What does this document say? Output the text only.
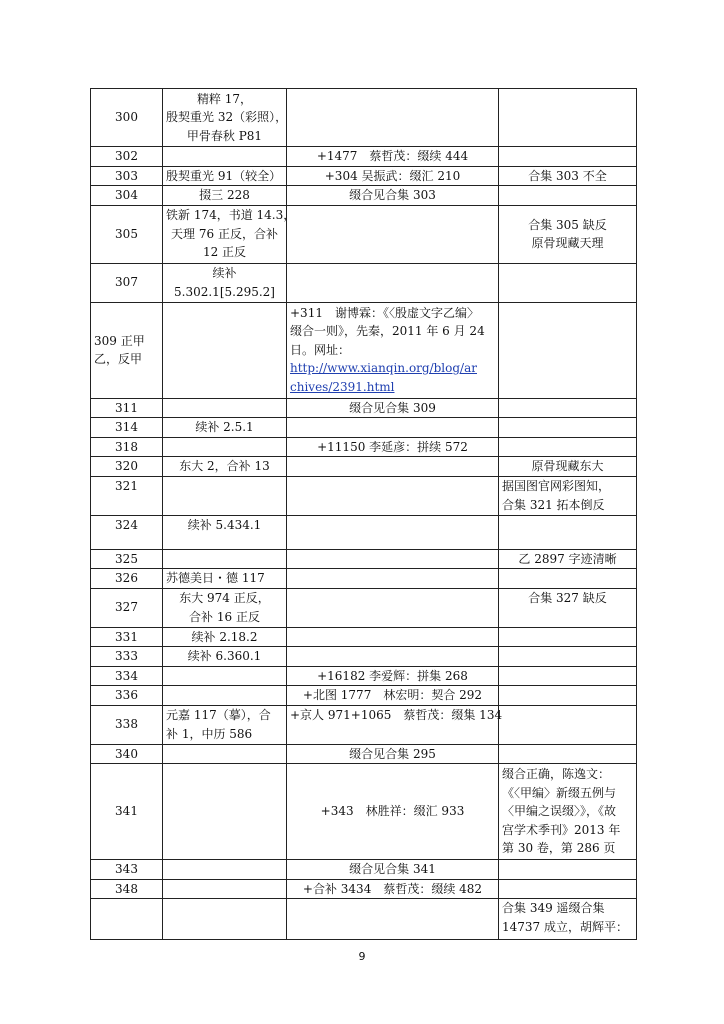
300	精粹 17，
殷契重光 32（彩照），
甲骨春秋 P81		

302		+1477　蔡哲茂：缀续 444	

303	殷契重光 91（较全）	+304 吴振武：缀汇 210	合集 303 不全

304	掇三 228	缀合见合集 303	

305	铁新 174，书道 14.3，
天理 76 正反，合补
12 正反		合集 305 缺反
原骨现藏天理

307	续补
5.302.1[5.295.2]		

309 正甲
乙，反甲		+311　谢博霖：《〈殷虚文字乙编〉
缀合一则》，先秦，2011 年 6 月 24
日。网址：
http://www.xianqin.org/blog/ar
chives/2391.html	

311		缀合见合集 309	

314	续补 2.5.1		

318		+11150 李延彦：拼续 572	

320	东大 2，合补 13		原骨现藏东大

321			据国图官网彩图知，
合集 321 拓本倒反

324	续补 5.434.1		

325			乙 2897 字迹清晰

326	苏德美日・德 117		

327	东大 974 正反，
合补 16 正反		合集 327 缺反

331	续补 2.18.2		

333	续补 6.360.1		

334		+16182 李爱辉：拼集 268	

336		+北图 1777　林宏明：契合 292	

338	元嘉 117（摹），合
补 1，中历 586	+京人 971+1065　蔡哲茂：缀集 134	

340		缀合见合集 295	

341		+343　林胜祥：缀汇 933	缀合正确，陈逸文：
《〈甲编〉新缀五例与
〈甲编之误缀〉》，《故
宫学术季刊》2013 年
第 30 卷，第 286 页

343		缀合见合集 341	

348		+合补 3434　蔡哲茂：缀续 482	

			合集 349 遥缀合集
14737 成立，胡辉平：
9
